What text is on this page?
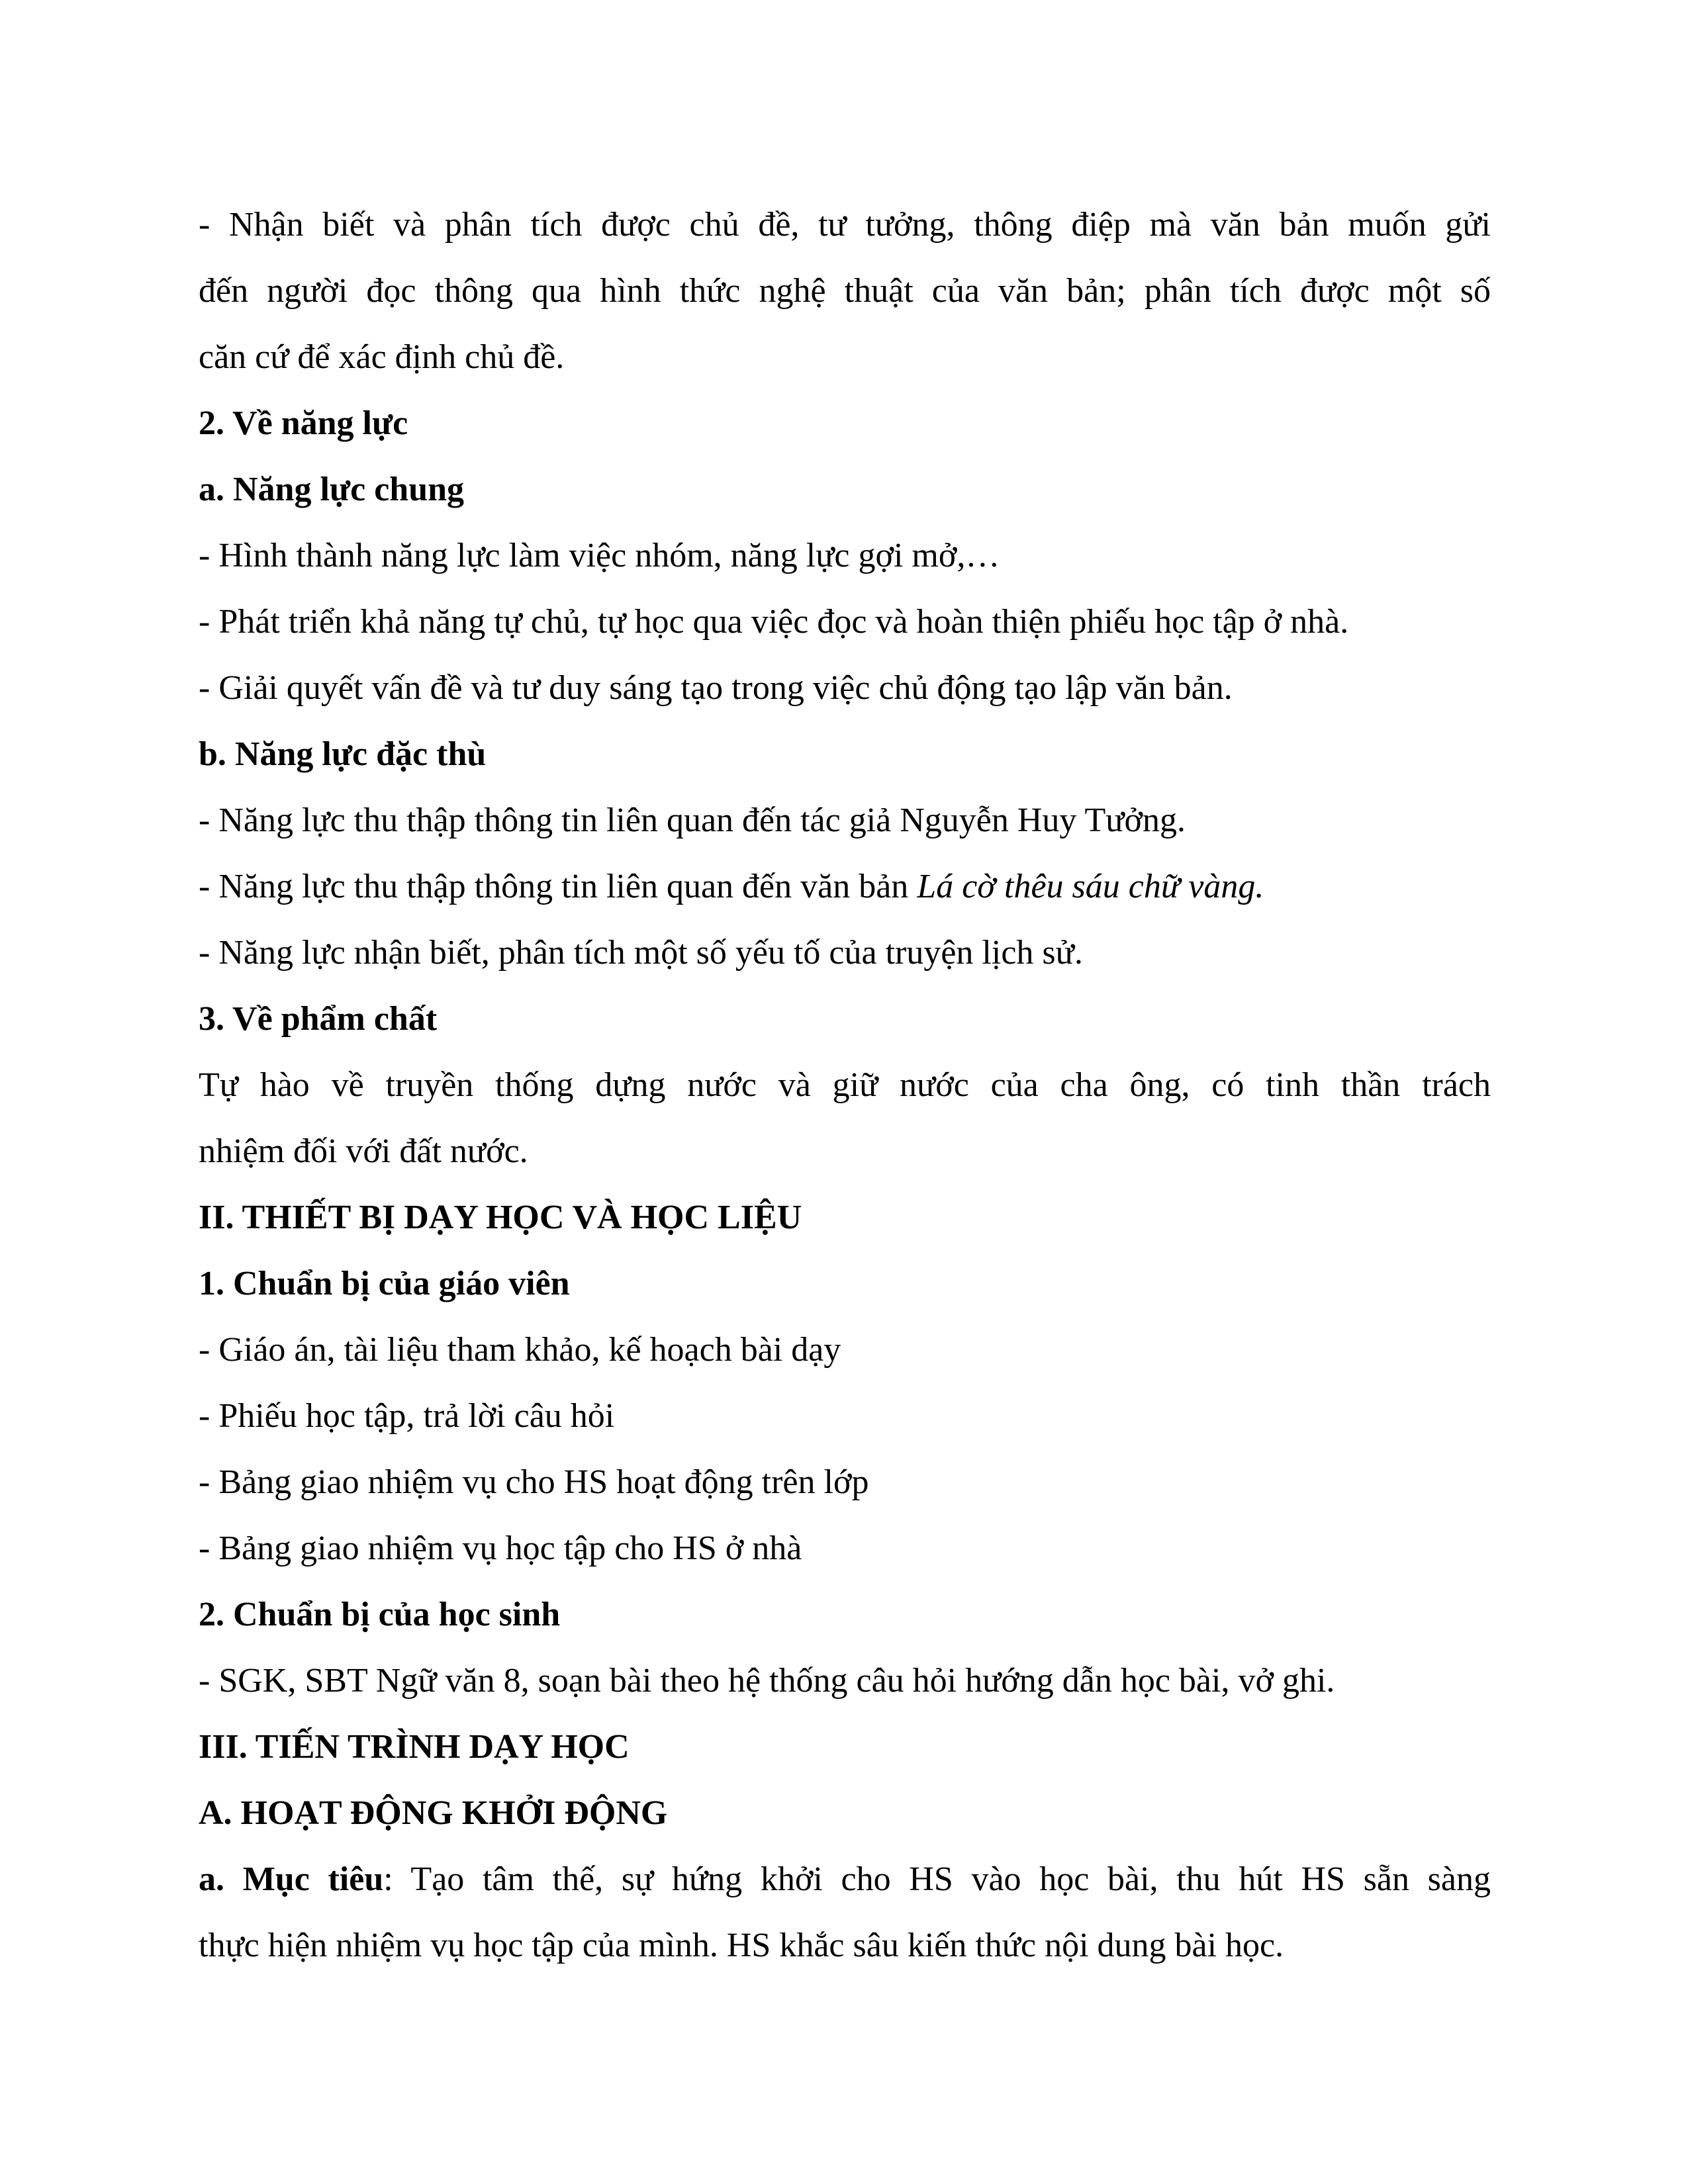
- Nhận biết và phân tích được chủ đề, tư tưởng, thông điệp mà văn bản muốn gửi

đến người đọc thông qua hình thức nghệ thuật của văn bản; phân tích được một số

căn cứ để xác định chủ đề.

2. Về năng lực

a. Năng lực chung

- Hình thành năng lực làm việc nhóm, năng lực gợi mở,…

- Phát triển khả năng tự chủ, tự học qua việc đọc và hoàn thiện phiếu học tập ở nhà.

- Giải quyết vấn đề và tư duy sáng tạo trong việc chủ động tạo lập văn bản.

b. Năng lực đặc thù

- Năng lực thu thập thông tin liên quan đến tác giả Nguyễn Huy Tưởng.

- Năng lực thu thập thông tin liên quan đến văn bản Lá cờ thêu sáu chữ vàng.

- Năng lực nhận biết, phân tích một số yếu tố của truyện lịch sử.

3. Về phẩm chất

Tự hào về truyền thống dựng nước và giữ nước của cha ông, có tinh thần trách

nhiệm đối với đất nước.

II. THIẾT BỊ DẠY HỌC VÀ HỌC LIỆU

1. Chuẩn bị của giáo viên

- Giáo án, tài liệu tham khảo, kế hoạch bài dạy

- Phiếu học tập, trả lời câu hỏi

- Bảng giao nhiệm vụ cho HS hoạt động trên lớp

- Bảng giao nhiệm vụ học tập cho HS ở nhà

2. Chuẩn bị của học sinh

- SGK, SBT Ngữ văn 8, soạn bài theo hệ thống câu hỏi hướng dẫn học bài, vở ghi.

III. TIẾN TRÌNH DẠY HỌC

A. HOẠT ĐỘNG KHỞI ĐỘNG

a. Mục tiêu: Tạo tâm thế, sự hứng khởi cho HS vào học bài, thu hút HS sẵn sàng

thực hiện nhiệm vụ học tập của mình. HS khắc sâu kiến thức nội dung bài học.
